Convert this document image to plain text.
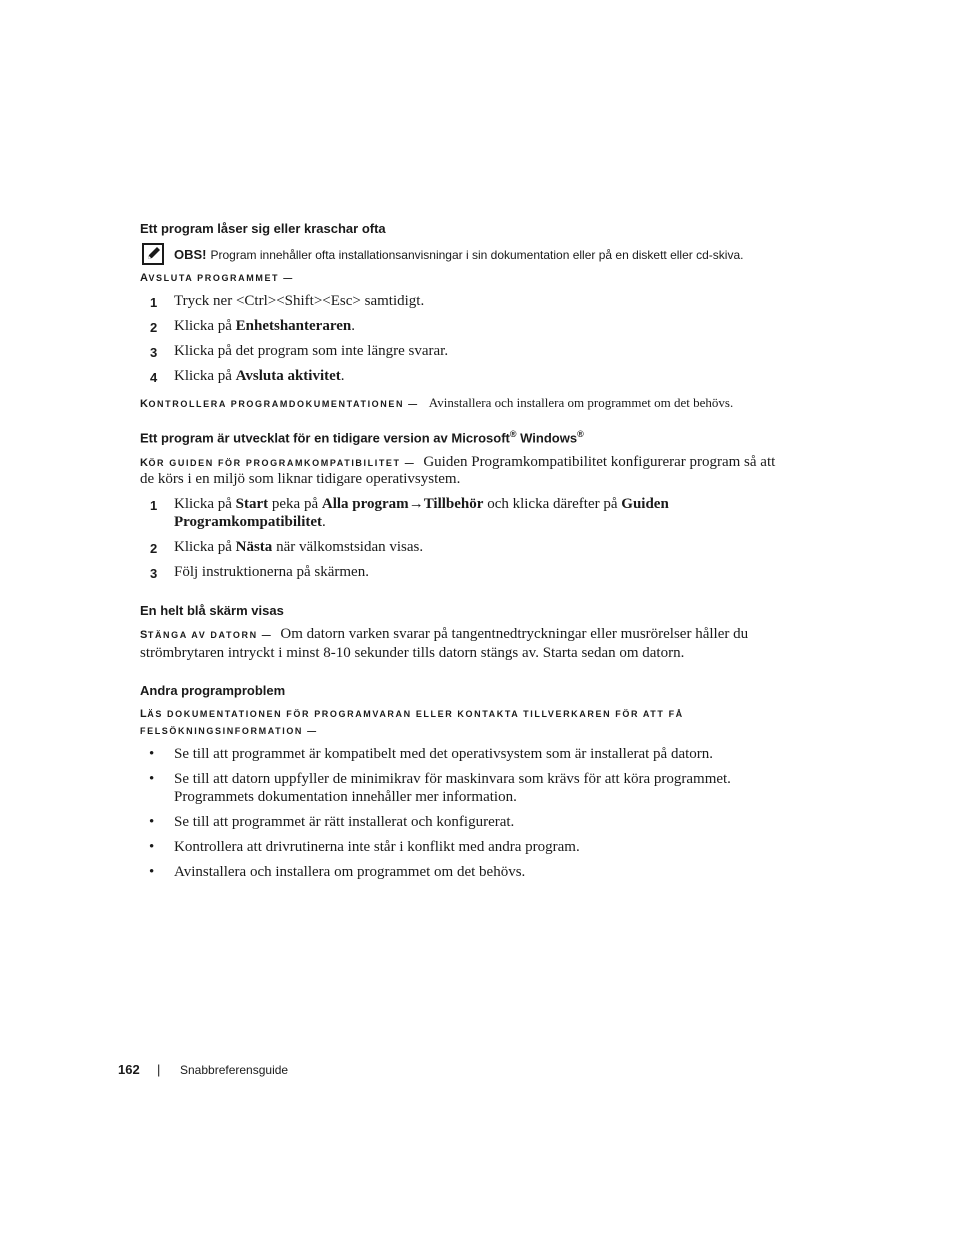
Ett program låser sig eller kraschar ofta
OBS! Program innehåller ofta installationsanvisningar i sin dokumentation eller på en diskett eller cd-skiva.
AVSLUTA PROGRAMMET —
1 Tryck ner <Ctrl><Shift><Esc> samtidigt.
2 Klicka på Enhetshanteraren.
3 Klicka på det program som inte längre svarar.
4 Klicka på Avsluta aktivitet.
KONTROLLERA PROGRAMDOKUMENTATIONEN — Avinstallera och installera om programmet om det behövs.
Ett program är utvecklat för en tidigare version av Microsoft® Windows®
KÖR GUIDEN FÖR PROGRAMKOMPATIBILITET — Guiden Programkompatibilitet konfigurerar program så att
de körs i en miljö som liknar tidigare operativsystem.
1 Klicka på Start peka på Alla program→Tillbehör och klicka därefter på Guiden
Programkompatibilitet.
2 Klicka på Nästa när välkomstsidan visas.
3 Följ instruktionerna på skärmen.
En helt blå skärm visas
STÄNGA AV DATORN — Om datorn varken svarar på tangentnedtryckningar eller musrörelser håller du
strömbrytaren intryckt i minst 8-10 sekunder tills datorn stängs av. Starta sedan om datorn.
Andra programproblem
LÄS DOKUMENTATIONEN FÖR PROGRAMVARAN ELLER KONTAKTA TILLVERKAREN FÖR ATT FÅ
FELSÖKNINGSINFORMATION —
• Se till att programmet är kompatibelt med det operativsystem som är installerat på datorn.
• Se till att datorn uppfyller de minimikrav för maskinvara som krävs för att köra programmet.
Programmets dokumentation innehåller mer information.
• Se till att programmet är rätt installerat och konfigurerat.
• Kontrollera att drivrutinerna inte står i konflikt med andra program.
• Avinstallera och installera om programmet om det behövs.
162 | Snabbreferensguide
